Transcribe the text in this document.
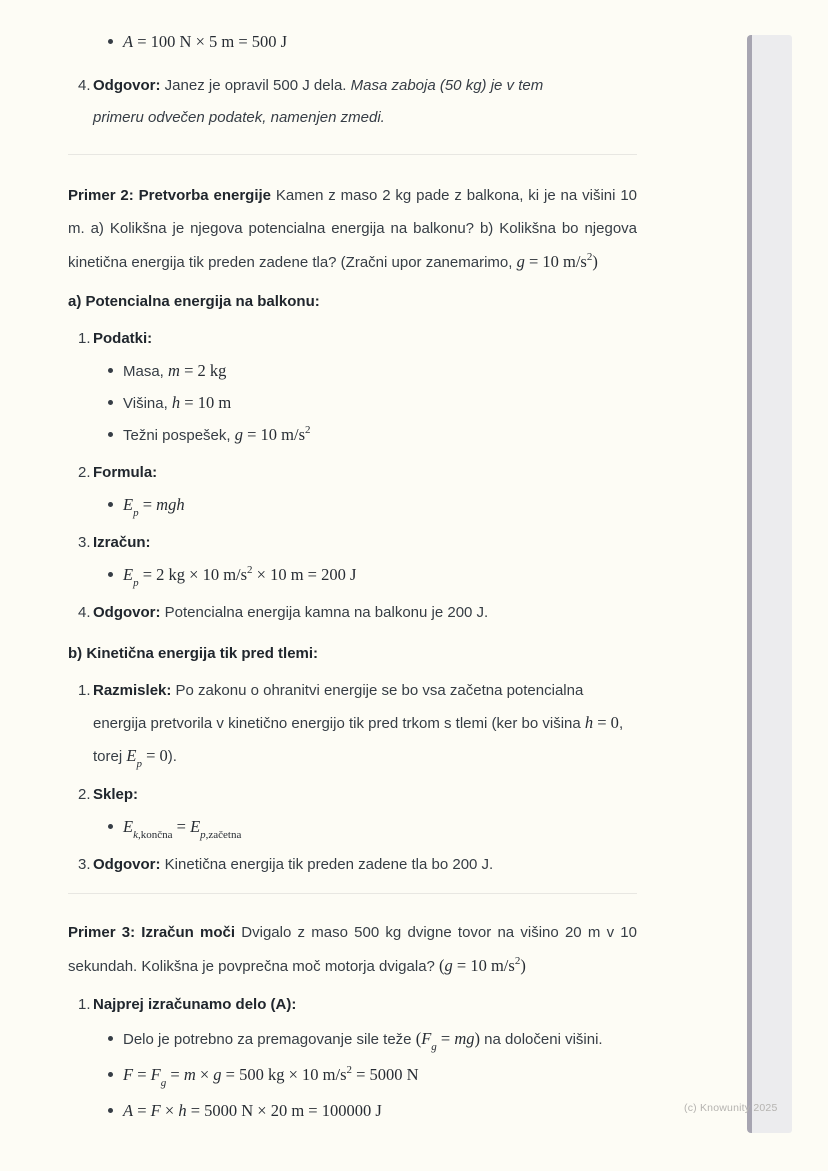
(c) Knowunity 2025
A = 100 N × 5 m = 500 J
4. Odgovor: Janez je opravil 500 J dela. Masa zaboja (50 kg) je v tem
primeru odvečen podatek, namenjen zmedi.

Primer 2: Pretvorba energije Kamen z maso 2 kg pade z balkona, ki je na višini 10 m. a) Kolikšna je njegova potencialna energija na balkonu? b) Kolikšna bo njegova kinetična energija tik preden zadene tla? (Zračni upor zanemarimo, g = 10 $m/s^2$)

a) Potencialna energija na balkonu:
1. Podatki:
Masa, m = 2 kg
Višina, h = 10 m
Težni pospešek, g = 10 $m/s^2$
2. Formula:
$E_p$ = mgh
3. Izračun:
$E_p = 2$ kg × 10 $m/s^2 \times 10$ m = 200 J
4. Odgovor: Potencialna energija kamna na balkonu je 200 J.
b) Kinetična energija tik pred tlemi:
1. Razmislek: Po zakonu o ohranitvi energije se bo vsa začetna potencialna energija pretvorila v kinetično energijo tik pred trkom s tlemi (ker bo višina h = 0, torej $E_p = 0$).
2. Sklep:
$E_{k,končna} = E_{p,začetna}$
3. Odgovor: Kinetična energija tik preden zadene tla bo 200 J.

Primer 3: Izračun moči Dvigalo z maso 500 kg dvigne tovor na višino 20 m v 10 sekundah. Kolikšna je povprečna moč motorja dvigala? (g = 10 $m/s^2$)

1. Najprej izračunamo delo (A):
Delo je potrebno za premagovanje sile teže $(F_g = mg)$ na določeni višini.
$F = F_g = m \times g = 500$ kg × 10 $m/s^2 = 5000$ N
A = F × h = 5000 N × 20 m = 100000 J
